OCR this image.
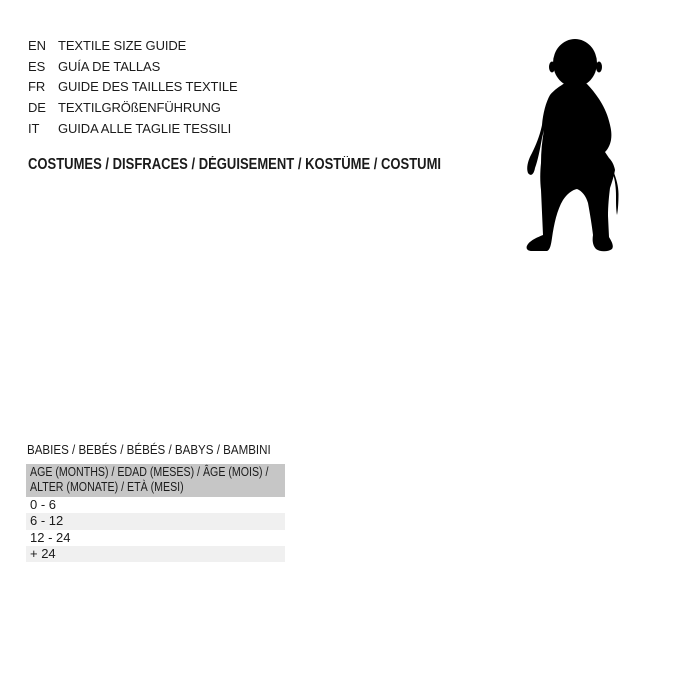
EN TEXTILE SIZE GUIDE
ES GUÍA DE TALLAS
FR GUIDE DES TAILLES TEXTILE
DE TEXTILGRÖßENFÜHRUNG
IT	GUIDA ALLE TAGLIE TESSILI
COSTUMES / DISFRACES / DÉGUISEMENT / KOSTÜME / COSTUMI
BABIES / BEBÉS / BÉBÉS / BABYS / BAMBINI
AGE (MONTHS) / EDAD (MESES) / ÂGE (MOIS) /
ALTER (MONATE) / ETÀ (MESI)
0 - 6
6 - 12
12 - 24
+ 24
